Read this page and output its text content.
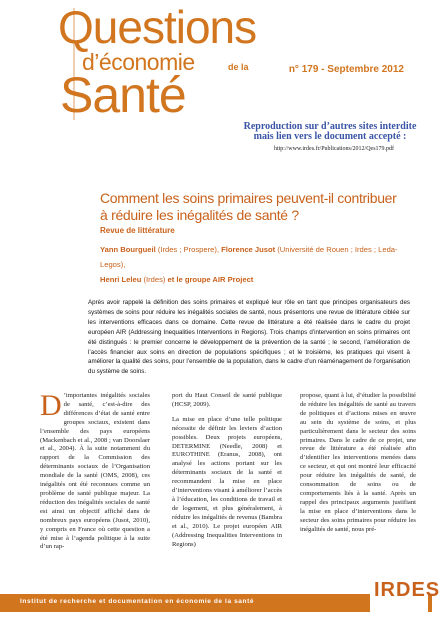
Questions
d’économie	de la
Santé	n° 179 - Septembre 2012
Reproduction sur d’autres sites interdite mais lien vers le document accepté :
http://www.irdes.fr/Publications/2012/Qes179.pdf
Comment les soins primaires peuvent-il contribuer à réduire les inégalités de santé ?
Revue de littérature
Yann Bourgueil (Irdes ; Prospere), Florence Jusot (Université de Rouen ; Irdes ; Leda-Legos),
Henri Leleu (Irdes) et le groupe AIR Project
Après avoir rappelé la définition des soins primaires et expliqué leur rôle en tant que principes organisateurs des systèmes de soins pour réduire les inégalités sociales de santé, nous présentons une revue de littérature ciblée sur les interventions efficaces dans ce domaine. Cette revue de littérature a été réalisée dans le cadre du projet européen AIR (Addressing Inequalities Interventions in Regions). Trois champs d’intervention en soins primaires ont été distingués : le premier concerne le développement de la prévention de la santé ; le second, l’amélioration de l’accès financier aux soins en direction de populations spécifiques ; et le troisième, les pratiques qui visent à améliorer la qualité des soins, pour l’ensemble de la population, dans le cadre d’un réaménagement de l’organisation du système de soins.

D ’importantes inégalités sociales de santé, c’est-à-dire des différences d’état de santé entre groupes sociaux, existent dans l’ensemble des pays européens (Mackenbach et al., 2008 ; van Doorslaer et al., 2004). À la suite notamment du rapport de la Commission des déterminants sociaux de l’Organisation mondiale de la santé (OMS, 2008), ces inégalités ont été reconnues comme un problème de santé publique majeur. La réduction des inégalités sociales de santé est ainsi un objectif affiché dans de nombreux pays européens (Jusot, 2010), y compris en France où cette question a été mise à l’agenda politique à la suite d’un rap-

port du Haut Conseil de santé publique (HCSP, 2009).

La mise en place d’une telle politique nécessite de définir les leviers d’action possibles. Deux projets européens, DETERMINE (Needle, 2008) et EUROTHINE (Eranus, 2008), ont analysé les actions portant sur les déterminants sociaux de la santé et recommandent la mise en place d’interventions visant à améliorer l’accès à l’éducation, les conditions de travail et de logement, et plus généralement, à réduire les inégalités de revenus (Bambra et al., 2010). Le projet européen AIR (Addressing Inequalities Interventions in Regions)

propose, quant à lui, d’étudier la possibilité de réduire les inégalités de santé au travers de politiques et d’actions mises en œuvre au sein du système de soins, et plus particulièrement dans le secteur des soins primaires. Dans le cadre de ce projet, une revue de littérature a été réalisée afin d’identifier les interventions menées dans ce secteur, et qui ont montré leur efficacité pour réduire les inégalités de santé, de consommation de soins ou de comportements liés à la santé. Après un rappel des principaux arguments justifiant la mise en place d’interventions dans le secteur des soins primaires pour réduire les inégalités de santé, nous pré-

Institut de recherche et documentation en économie de la santé
IRDES
